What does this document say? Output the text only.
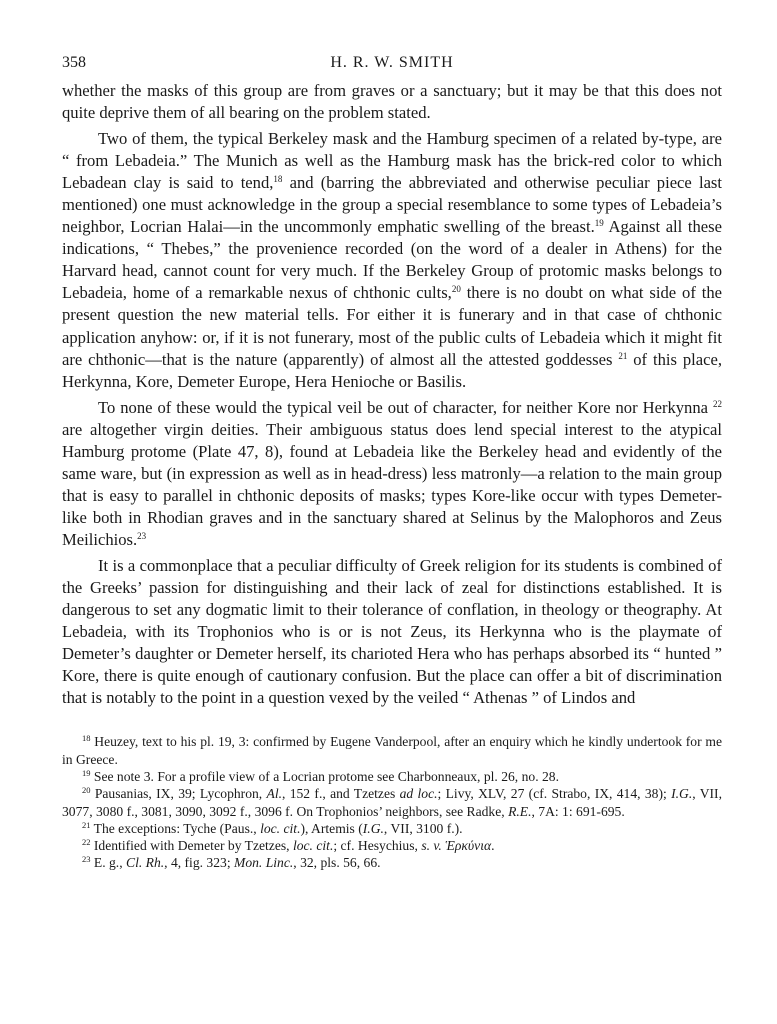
358	H. R. W. SMITH

whether the masks of this group are from graves or a sanctuary; but it may be that this does not quite deprive them of all bearing on the problem stated.

Two of them, the typical Berkeley mask and the Hamburg specimen of a related by-type, are “ from Lebadeia.” The Munich as well as the Hamburg mask has the brick-red color to which Lebadean clay is said to tend,$^{18}$ and (barring the abbreviated and otherwise peculiar piece last mentioned) one must acknowledge in the group a special resemblance to some types of Lebadeia’s neighbor, Locrian Halai—in the uncommonly emphatic swelling of the breast.$^{19}$ Against all these indications, “ Thebes,” the provenience recorded (on the word of a dealer in Athens) for the Harvard head, cannot count for very much. If the Berkeley Group of protomic masks belongs to Lebadeia, home of a remarkable nexus of chthonic cults,$^{20}$ there is no doubt on what side of the present question the new material tells. For either it is funerary and in that case of chthonic application anyhow: or, if it is not funerary, most of the public cults of Lebadeia which it might fit are chthonic—that is the nature (apparently) of almost all the attested goddesses $^{21}$ of this place, Herkynna, Kore, Demeter Europe, Hera Henioche or Basilis.

To none of these would the typical veil be out of character, for neither Kore nor Herkynna $^{22}$ are altogether virgin deities. Their ambiguous status does lend special interest to the atypical Hamburg protome (Plate 47, 8), found at Lebadeia like the Berkeley head and evidently of the same ware, but (in expression as well as in head-dress) less matronly—a relation to the main group that is easy to parallel in chthonic deposits of masks; types Kore-like occur with types Demeter-like both in Rhodian graves and in the sanctuary shared at Selinus by the Malophoros and Zeus Meilichios.$^{23}$

It is a commonplace that a peculiar difficulty of Greek religion for its students is combined of the Greeks’ passion for distinguishing and their lack of zeal for distinctions established. It is dangerous to set any dogmatic limit to their tolerance of conflation, in theology or theography. At Lebadeia, with its Trophonios who is or is not Zeus, its Herkynna who is the playmate of Demeter’s daughter or Demeter herself, its charioted Hera who has perhaps absorbed its “ hunted ” Kore, there is quite enough of cautionary confusion. But the place can offer a bit of discrimination that is notably to the point in a question vexed by the veiled “ Athenas ” of Lindos and

$^{18}$ Heuzey, text to his pl. 19, 3: confirmed by Eugene Vanderpool, after an enquiry which he kindly undertook for me in Greece.

$^{19}$ See note 3. For a profile view of a Locrian protome see Charbonneaux, pl. 26, no. 28.

$^{20}$ Pausanias, IX, 39; Lycophron, Al., 152 f., and Tzetzes ad loc.; Livy, XLV, 27 (cf. Strabo, IX, 414, 38); I.G., VII, 3077, 3080 f., 3081, 3090, 3092 f., 3096 f. On Trophonios’ neighbors, see Radke, R.E., 7A: 1: 691-695.

$^{21}$ The exceptions: Tyche (Paus., loc. cit.), Artemis (I.G., VII, 3100 f.).

$^{22}$ Identified with Demeter by Tzetzes, loc. cit.; cf. Hesychius, s. v. Ἑρκύνια.

$^{23}$ E. g., Cl. Rh., 4, fig. 323; Mon. Linc., 32, pls. 56, 66.
